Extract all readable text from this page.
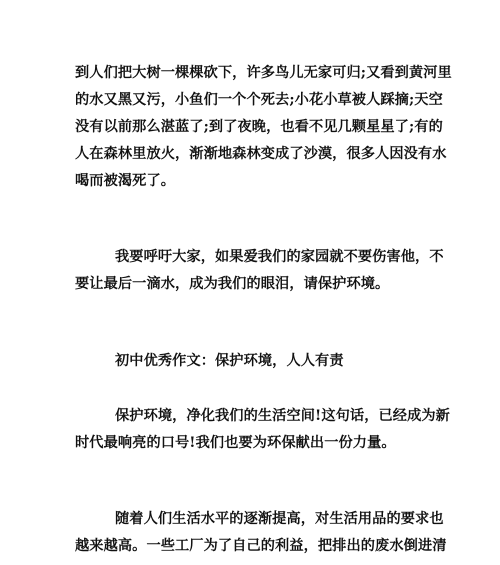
到人们把大树一棵棵砍下，许多鸟儿无家可归;又看到黄河里
的水又黑又污，小鱼们一个个死去;小花小草被人踩摘;天空
没有以前那么湛蓝了;到了夜晚，也看不见几颗星星了;有的
人在森林里放火，渐渐地森林变成了沙漠，很多人因没有水
喝而被渴死了。
我要呼吁大家，如果爱我们的家园就不要伤害他，不
要让最后一滴水，成为我们的眼泪，请保护环境。
初中优秀作文：保护环境，人人有责
保护环境，净化我们的生活空间!这句话，已经成为新
时代最响亮的口号!我们也要为环保献出一份力量。
随着人们生活水平的逐渐提高，对生活用品的要求也
越来越高。一些工厂为了自己的利益，把排出的废水倒进清
